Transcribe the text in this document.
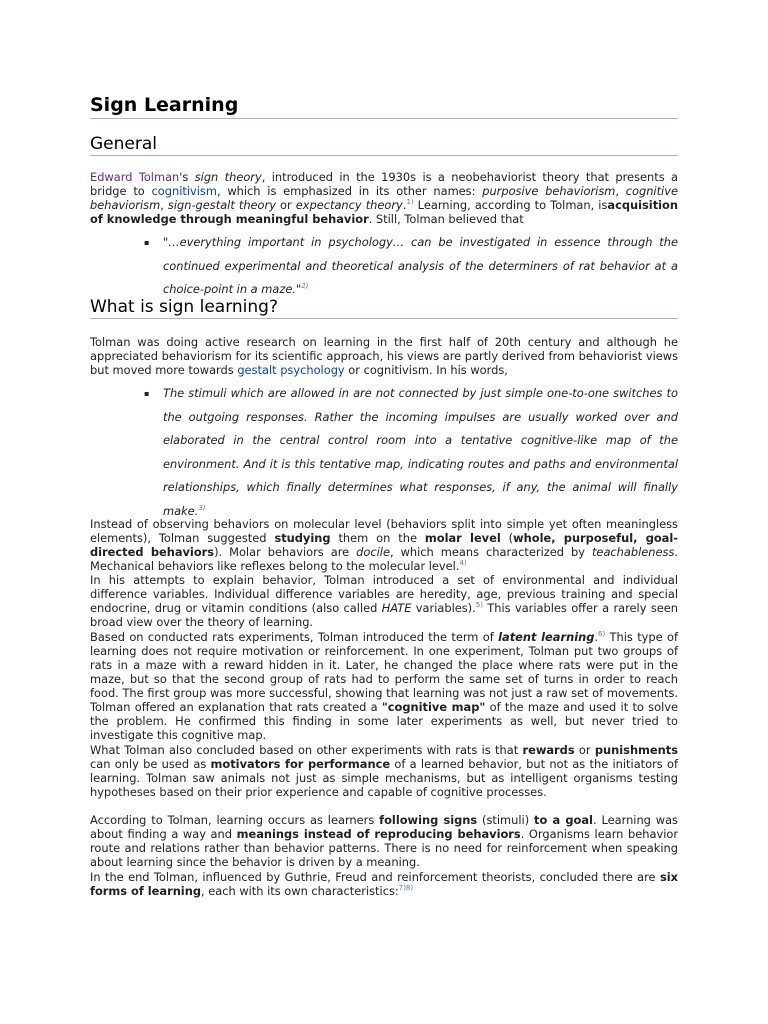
Sign Learning
General

Edward Tolman's sign theory, introduced in the 1930s is a neobehaviorist theory that presents a bridge to cognitivism, which is emphasized in its other names: purposive behaviorism, cognitive behaviorism, sign-gestalt theory or expectancy theory.$^{1)}$ Learning, according to Tolman, isacquisition of knowledge through meaningful behavior. Still, Tolman believed that

▪ "…everything important in psychology… can be investigated in essence through the continued experimental and theoretical analysis of the determiners of rat behavior at a choice-point in a maze."$^{2)}$
What is sign learning?

Tolman was doing active research on learning in the first half of 20th century and although he appreciated behaviorism for its scientific approach, his views are partly derived from behaviorist views but moved more towards gestalt psychology or cognitivism. In his words,

▪ The stimuli which are allowed in are not connected by just simple one-to-one switches to the outgoing responses. Rather the incoming impulses are usually worked over and elaborated in the central control room into a tentative cognitive-like map of the environment. And it is this tentative map, indicating routes and paths and environmental relationships, which finally determines what responses, if any, the animal will finally make.$^{3)}$

Instead of observing behaviors on molecular level (behaviors split into simple yet often meaningless elements), Tolman suggested studying them on the molar level (whole, purposeful, goal-directed behaviors). Molar behaviors are docile, which means characterized by teachableness. Mechanical behaviors like reflexes belong to the molecular level.$^{4)}$

In his attempts to explain behavior, Tolman introduced a set of environmental and individual difference variables. Individual difference variables are heredity, age, previous training and special endocrine, drug or vitamin conditions (also called HATE variables).$^{5)}$ This variables offer a rarely seen broad view over the theory of learning.

Based on conducted rats experiments, Tolman introduced the term of latent learning.$^{6)}$ This type of learning does not require motivation or reinforcement. In one experiment, Tolman put two groups of rats in a maze with a reward hidden in it. Later, he changed the place where rats were put in the maze, but so that the second group of rats had to perform the same set of turns in order to reach food. The first group was more successful, showing that learning was not just a raw set of movements. Tolman offered an explanation that rats created a "cognitive map" of the maze and used it to solve the problem. He confirmed this finding in some later experiments as well, but never tried to investigate this cognitive map.

What Tolman also concluded based on other experiments with rats is that rewards or punishments can only be used as motivators for performance of a learned behavior, but not as the initiators of learning. Tolman saw animals not just as simple mechanisms, but as intelligent organisms testing hypotheses based on their prior experience and capable of cognitive processes.

According to Tolman, learning occurs as learners following signs (stimuli) to a goal. Learning was about finding a way and meanings instead of reproducing behaviors. Organisms learn behavior route and relations rather than behavior patterns. There is no need for reinforcement when speaking about learning since the behavior is driven by a meaning.

In the end Tolman, influenced by Guthrie, Freud and reinforcement theorists, concluded there are six forms of learning, each with its own characteristics:$^{7)8)}$
